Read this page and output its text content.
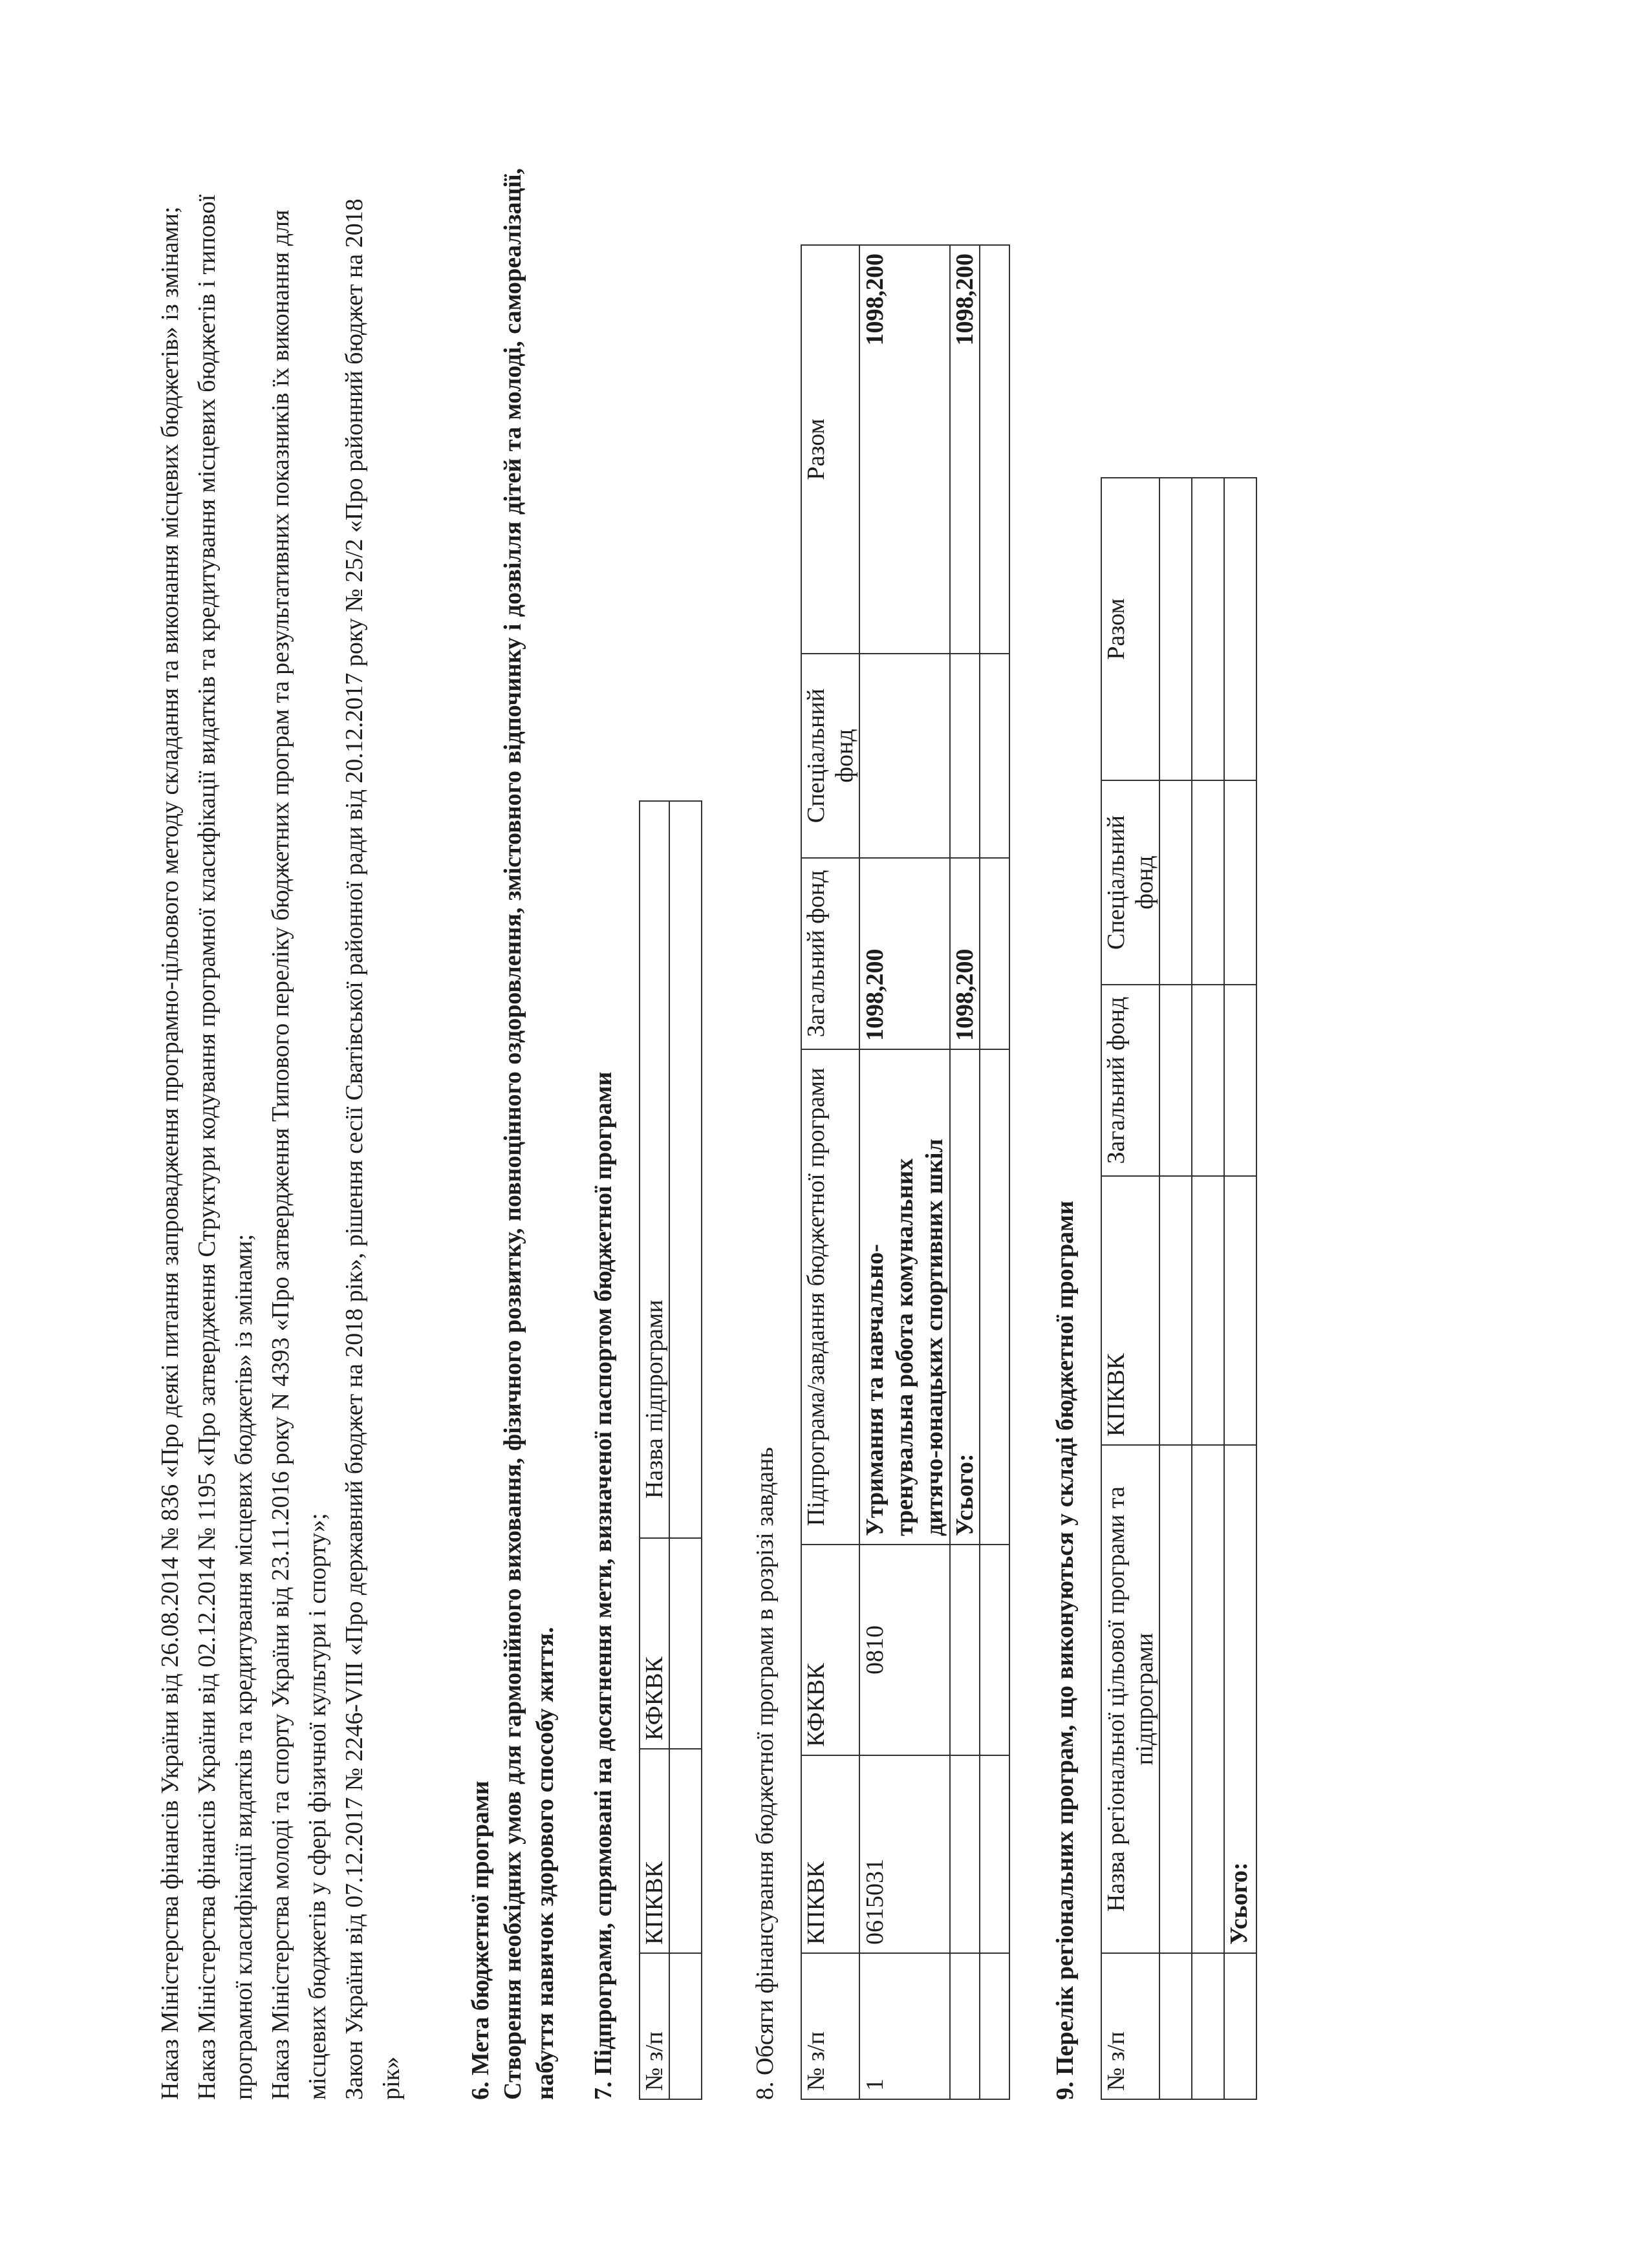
Наказ Міністерства фінансів України від 26.08.2014 № 836 «Про деякі питання запровадження програмно-цільового методу складання та виконання місцевих бюджетів» із змінами; Наказ Міністерства фінансів України від 02.12.2014 № 1195 «Про затвердження Структури кодування програмної класифікації видатків та кредитування місцевих бюджетів і типової програмної класифікації видатків та кредитування місцевих бюджетів» із змінами; Наказ Міністерства молоді та спорту України від 23.11.2016 року N 4393 «Про затвердження Типового переліку бюджетних програм та результативних показників їх виконання для місцевих бюджетів у сфері фізичної культури і спорту»; Закон України від 07.12.2017 № 2246-VIII «Про державний бюджет на 2018 рік», рішення сесії Сватівської районної ради від 20.12.2017 року № 25/2 «Про районний бюджет на 2018 рік»	6. Мета бюджетної програми Створення необхідних умов для гармонійного виховання, фізичного розвитку, повноцінного оздоровлення, змістовного відпочинку і дозвілля дітей та молоді, самореалізації, набуття навичок здорового способу життя. 7. Підпрограми, спрямовані на досягнення мети, визначеної паспортом бюджетної програми № з/п	КПКВК	КФКВК	Назва підпрограми

8. Обсяги фінансування бюджетної програми в розрізі завдань № з/п	КПКВК	КФКВК	Підпрограма/завдання бюджетної програми	Загальний фонд	Спеціальний фонд	Разом
1	0615031	0810	Утримання та навчально- тренувальна робота комунальних дитячо-юнацьких спортивних шкіл	1098,200		1098,200
			Усього:	1098,200		1098,200

9. Перелік регіональних програм, що виконуються у складі бюджетної програми № з/п	Назва регіональної цільової програми та підпрограми	КПКВК	Загальний фонд	Спеціальний фонд	Разом

	Усього:				
